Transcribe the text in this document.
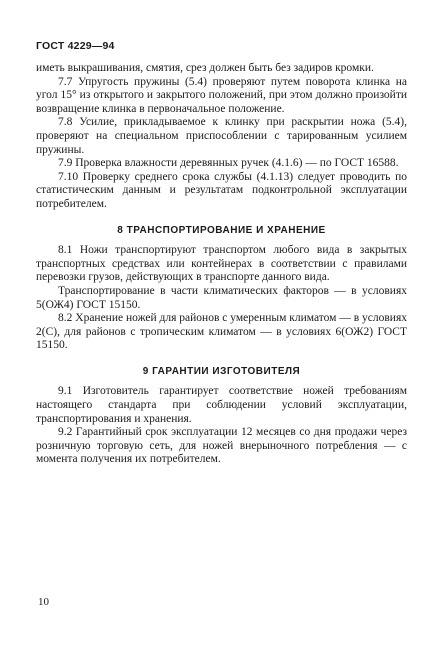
ГОСТ 4229—94

иметь выкрашивания, смятия, срез должен быть без задиров кромки.

7.7 Упругость пружины (5.4) проверяют путем поворота клинка на угол 15° из открытого и закрытого положений, при этом должно произойти возвращение клинка в первоначальное положение.

7.8 Усилие, прикладываемое к клинку при раскрытии ножа (5.4), проверяют на специальном приспособлении с тарированным усилием пружины.

7.9 Проверка влажности деревянных ручек (4.1.6) — по ГОСТ 16588.

7.10 Проверку среднего срока службы (4.1.13) следует проводить по статистическим данным и результатам подконтрольной эксплуатации потребителем.

8 ТРАНСПОРТИРОВАНИЕ И ХРАНЕНИЕ

8.1 Ножи транспортируют транспортом любого вида в закрытых транспортных средствах или контейнерах в соответствии с правилами перевозки грузов, действующих в транспорте данного вида.

Транспортирование в части климатических факторов — в условиях 5(ОЖ4) ГОСТ 15150.

8.2 Хранение ножей для районов с умеренным климатом — в условиях 2(С), для районов с тропическим климатом — в условиях 6(ОЖ2) ГОСТ 15150.

9 ГАРАНТИИ ИЗГОТОВИТЕЛЯ

9.1 Изготовитель гарантирует соответствие ножей требованиям настоящего стандарта при соблюдении условий эксплуатации, транспортирования и хранения.

9.2 Гарантийный срок эксплуатации 12 месяцев со дня продажи через розничную торговую сеть, для ножей внерыночного потребления — с момента получения их потребителем.

10
